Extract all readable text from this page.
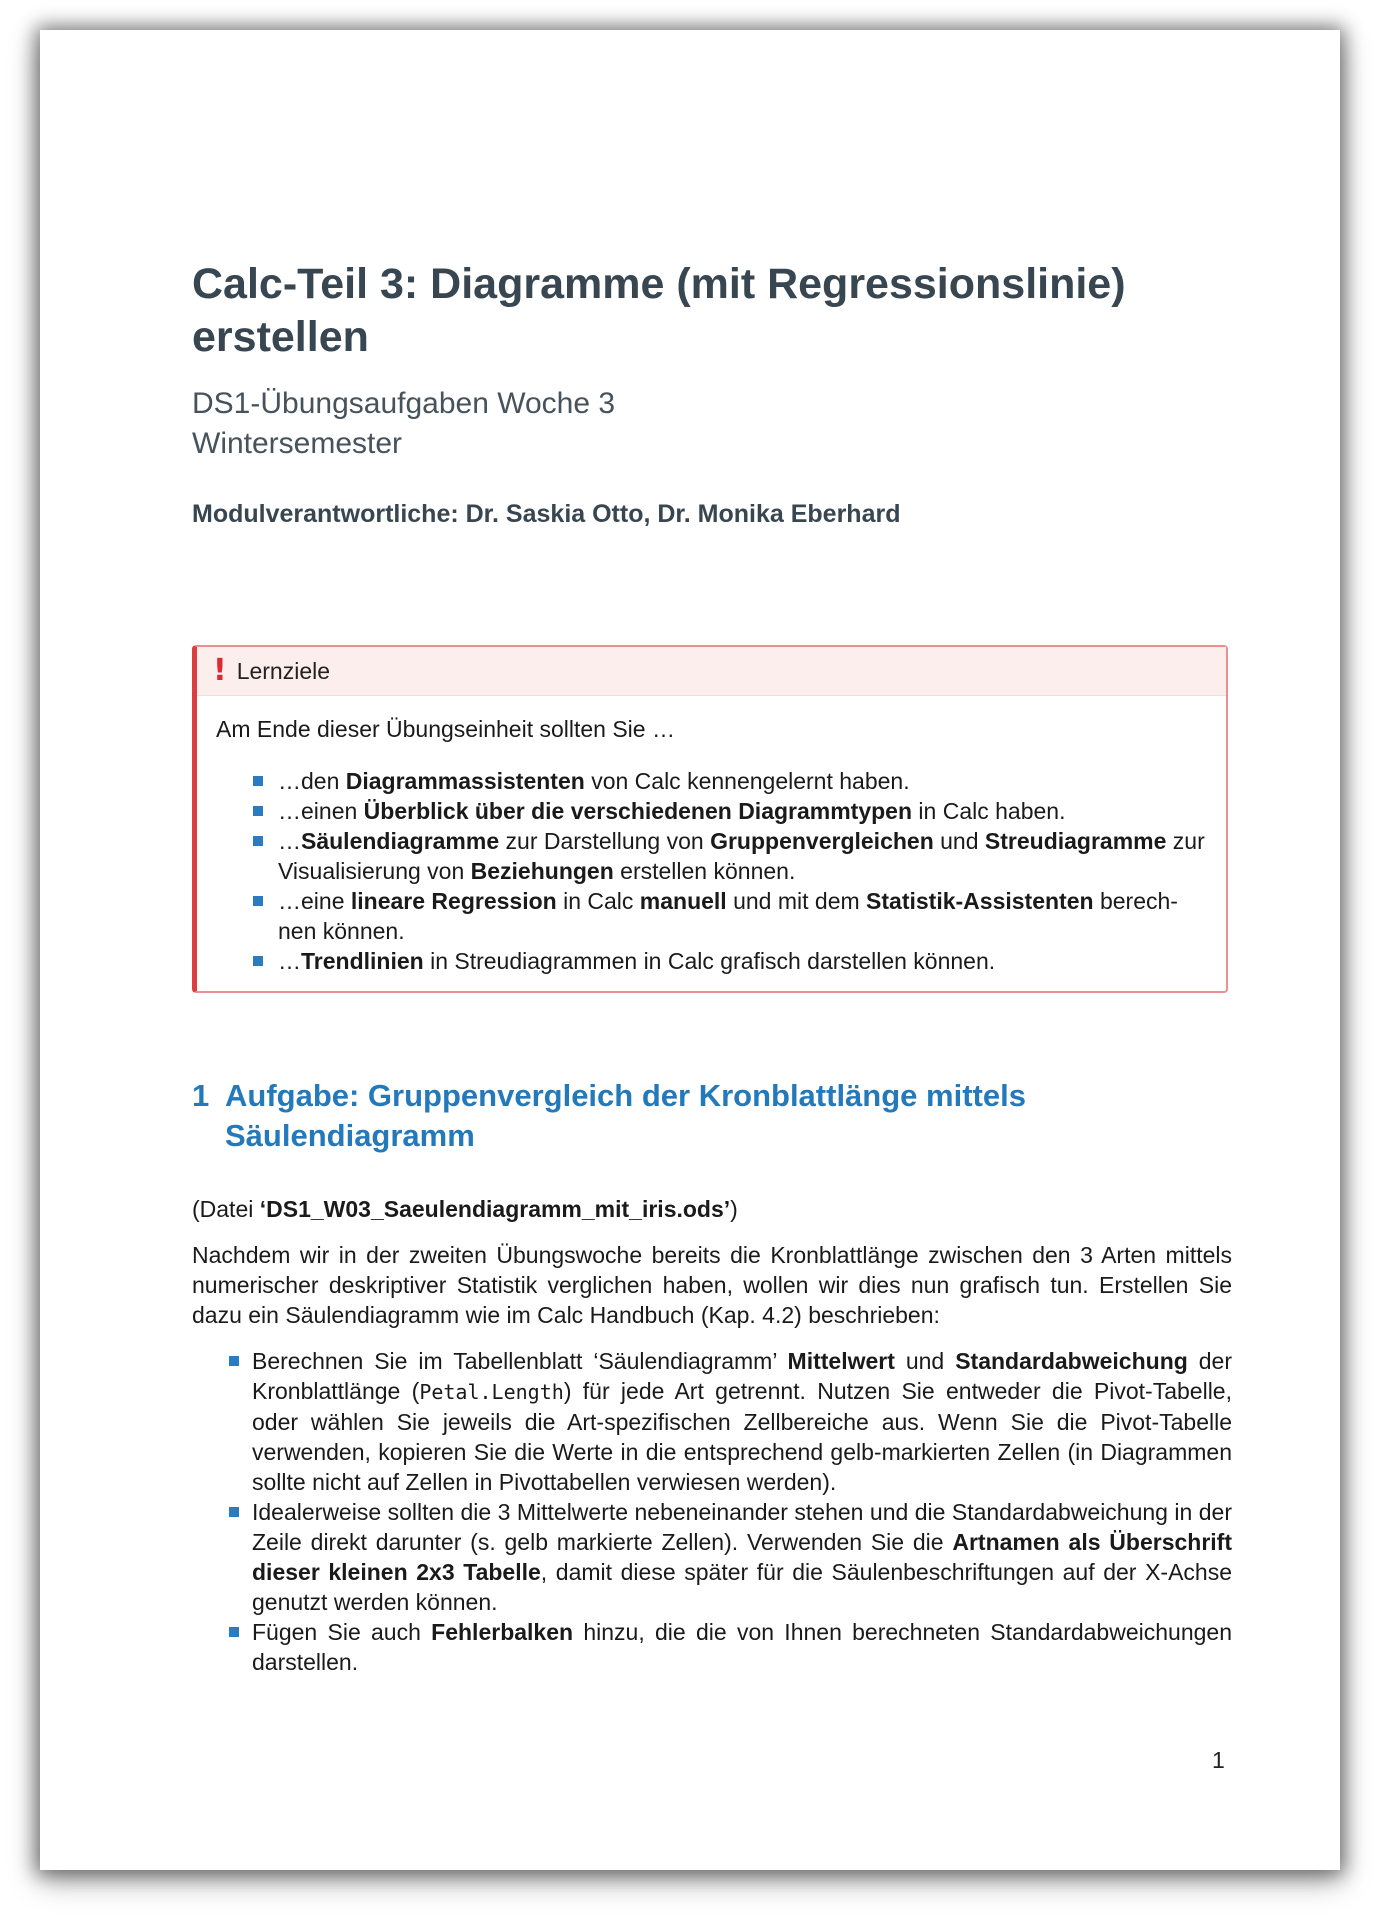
Calc-Teil 3: Diagramme (mit Regressionslinie) erstellen
DS1-Übungsaufgaben Woche 3
Wintersemester
Modulverantwortliche: Dr. Saskia Otto, Dr. Monika Eberhard
! Lernziele

Am Ende dieser Übungseinheit sollten Sie …

…den Diagrammassistenten von Calc kennengelernt haben.
…einen Überblick über die verschiedenen Diagrammtypen in Calc haben.
…Säulendiagramme zur Darstellung von Gruppenvergleichen und Streudiagramme zur Visualisierung von Beziehungen erstellen können.
…eine lineare Regression in Calc manuell und mit dem Statistik-Assistenten berech-nen können.
…Trendlinien in Streudiagrammen in Calc grafisch darstellen können.
1 Aufgabe: Gruppenvergleich der Kronblattlänge mittels Säulendiagramm
(Datei ‘DS1_W03_Saeulendiagramm_mit_iris.ods’)

Nachdem wir in der zweiten Übungswoche bereits die Kronblattlänge zwischen den 3 Arten mittels numerischer deskriptiver Statistik verglichen haben, wollen wir dies nun grafisch tun. Erstellen Sie dazu ein Säulendiagramm wie im Calc Handbuch (Kap. 4.2) beschrieben:

Berechnen Sie im Tabellenblatt ‘Säulendiagramm’ Mittelwert und Standardabweichung der Kronblattlänge (Petal.Length) für jede Art getrennt. Nutzen Sie entweder die Pivot-Tabelle, oder wählen Sie jeweils die Art-spezifischen Zellbereiche aus. Wenn Sie die Pivot-Tabelle verwenden, kopieren Sie die Werte in die entsprechend gelb-markierten Zellen (in Diagrammen sollte nicht auf Zellen in Pivottabellen verwiesen werden).
Idealerweise sollten die 3 Mittelwerte nebeneinander stehen und die Standardabweichung in der Zeile direkt darunter (s. gelb markierte Zellen). Verwenden Sie die Artnamen als Überschrift dieser kleinen 2x3 Tabelle, damit diese später für die Säulenbeschriftungen auf der X-Achse genutzt werden können.
Fügen Sie auch Fehlerbalken hinzu, die die von Ihnen berechneten Standardabweichungen darstellen.
1
